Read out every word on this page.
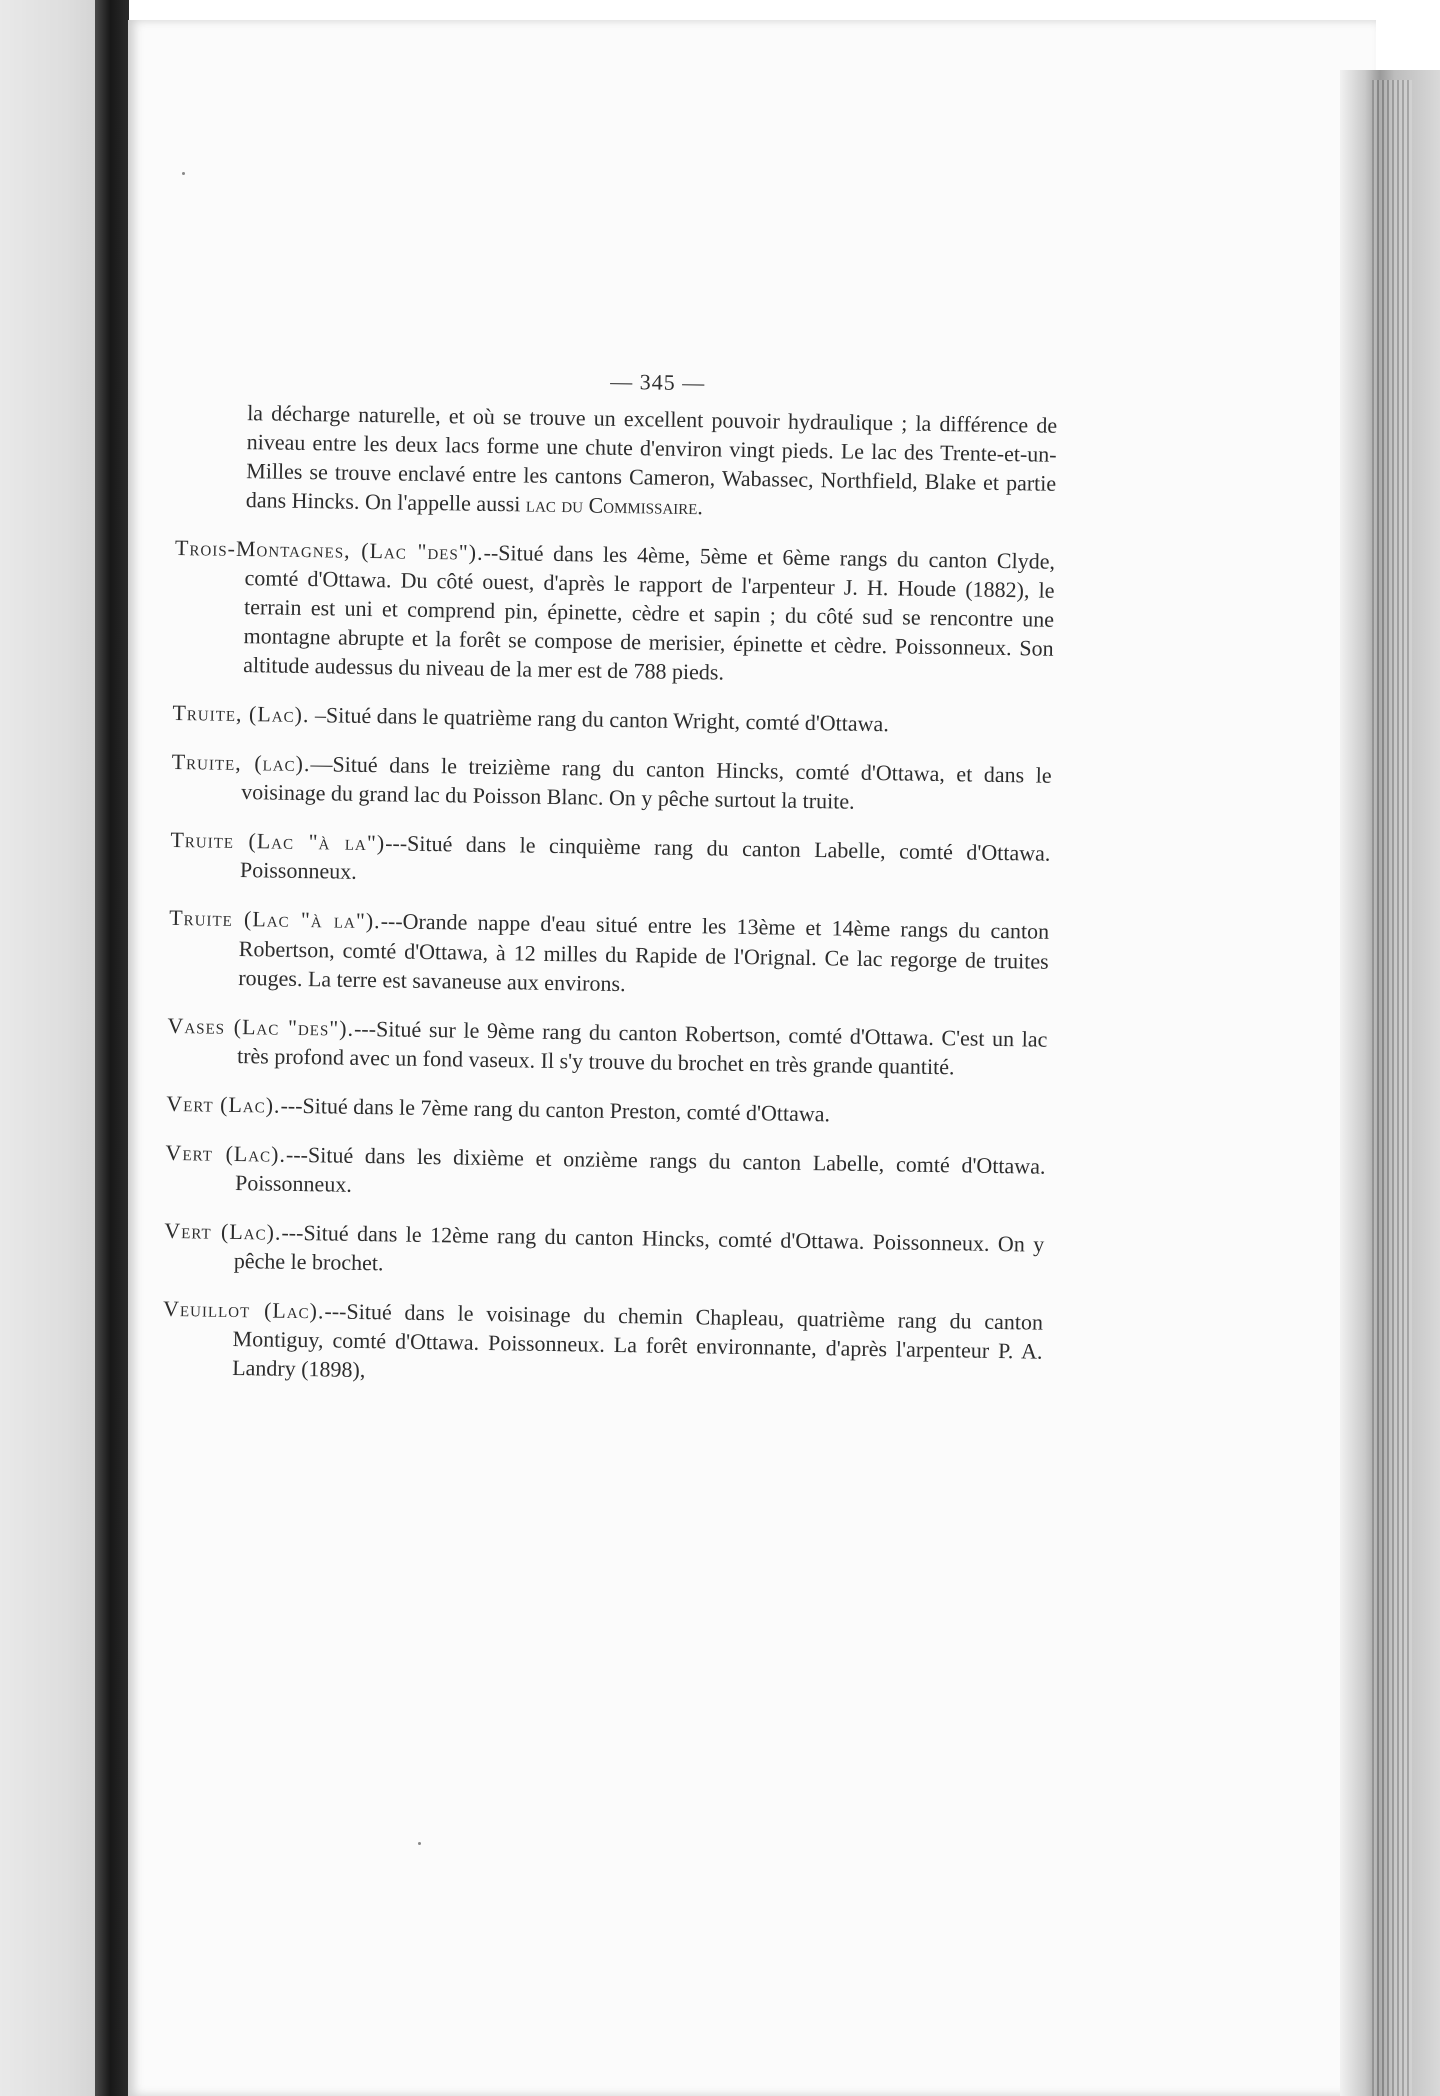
— 345 —

la décharge naturelle, et où se trouve un excellent pouvoir hydraulique ; la différence de niveau entre les deux lacs forme une chute d'environ vingt pieds. Le lac des Trente-et-un-Milles se trouve enclavé entre les cantons Cameron, Wabassec, Northfield, Blake et partie dans Hincks. On l'appelle aussi lac du Commissaire.

Trois-Montagnes, (Lac "des").--Situé dans les 4ème, 5ème et 6ème rangs du canton Clyde, comté d'Ottawa. Du côté ouest, d'après le rapport de l'arpenteur J. H. Houde (1882), le terrain est uni et comprend pin, épinette, cèdre et sapin ; du côté sud se rencontre une montagne abrupte et la forêt se compose de merisier, épinette et cèdre. Poissonneux. Son altitude audessus du niveau de la mer est de 788 pieds.

Truite, (Lac). –Situé dans le quatrième rang du canton Wright, comté d'Ottawa.

Truite, (lac).—Situé dans le treizième rang du canton Hincks, comté d'Ottawa, et dans le voisinage du grand lac du Poisson Blanc. On y pêche surtout la truite.

Truite (Lac "à la")---Situé dans le cinquième rang du canton Labelle, comté d'Ottawa. Poissonneux.

Truite (Lac "à la").---Orande nappe d'eau situé entre les 13ème et 14ème rangs du canton Robertson, comté d'Ottawa, à 12 milles du Rapide de l'Orignal. Ce lac regorge de truites rouges. La terre est savaneuse aux environs.

Vases (Lac "des").---Situé sur le 9ème rang du canton Robertson, comté d'Ottawa. C'est un lac très profond avec un fond vaseux. Il s'y trouve du brochet en très grande quantité.

Vert (Lac).---Situé dans le 7ème rang du canton Preston, comté d'Ottawa.

Vert (Lac).---Situé dans les dixième et onzième rangs du canton Labelle, comté d'Ottawa. Poissonneux.

Vert (Lac).---Situé dans le 12ème rang du canton Hincks, comté d'Ottawa. Poissonneux. On y pêche le brochet.

Veuillot (Lac).---Situé dans le voisinage du chemin Chapleau, quatrième rang du canton Montiguy, comté d'Ottawa. Poissonneux. La forêt environnante, d'après l'arpenteur P. A. Landry (1898),
